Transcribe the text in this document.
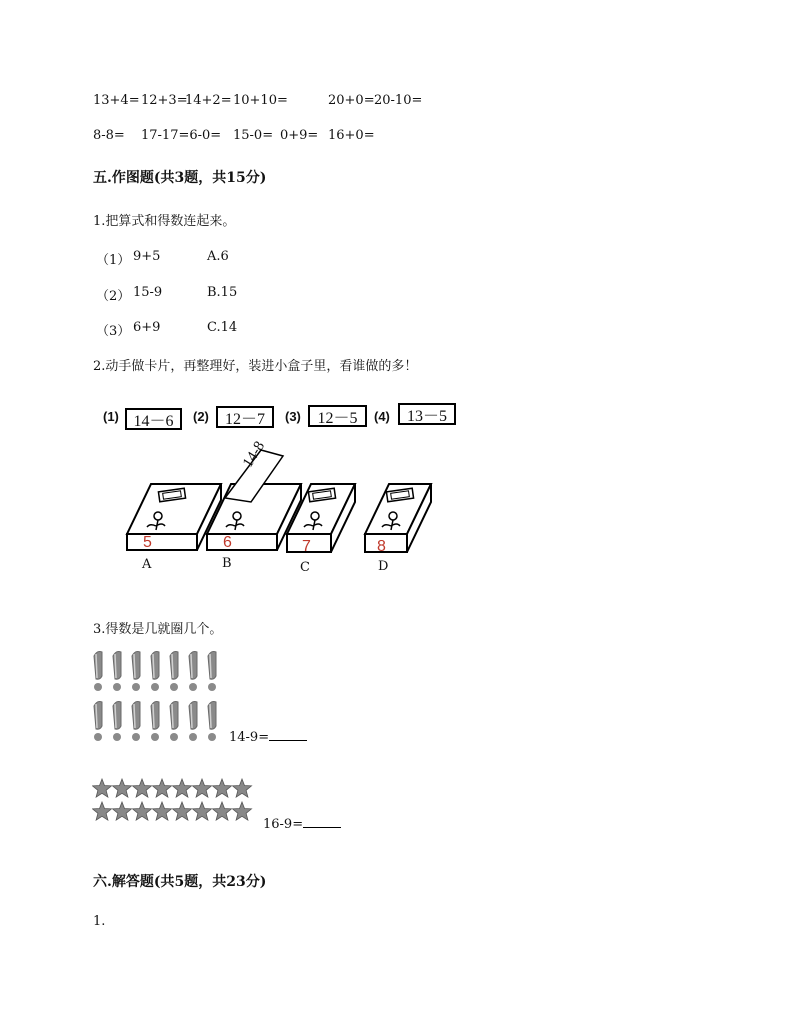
13+4= 12+3=
14+2= 10+10=	20+0= 20-10=
8-8= 17-17=6-0= 15-0= 0+9= 16+0=
五.作图题(共3题，共15分)
1.把算式和得数连起来。
（1） 9+5	A.6
（2） 15-9	B.15
（3） 6+9	C.14
2.动手做卡片，再整理好，装进小盒子里，看谁做的多！
(1) 14－6	(2)	12－7	(3)	12－5	(4)	13－5
14-8
5	6	7	8
A	B	C	D
3.得数是几就圈几个。
14-9=
16-9=
六.解答题(共5题，共23分)
1.
